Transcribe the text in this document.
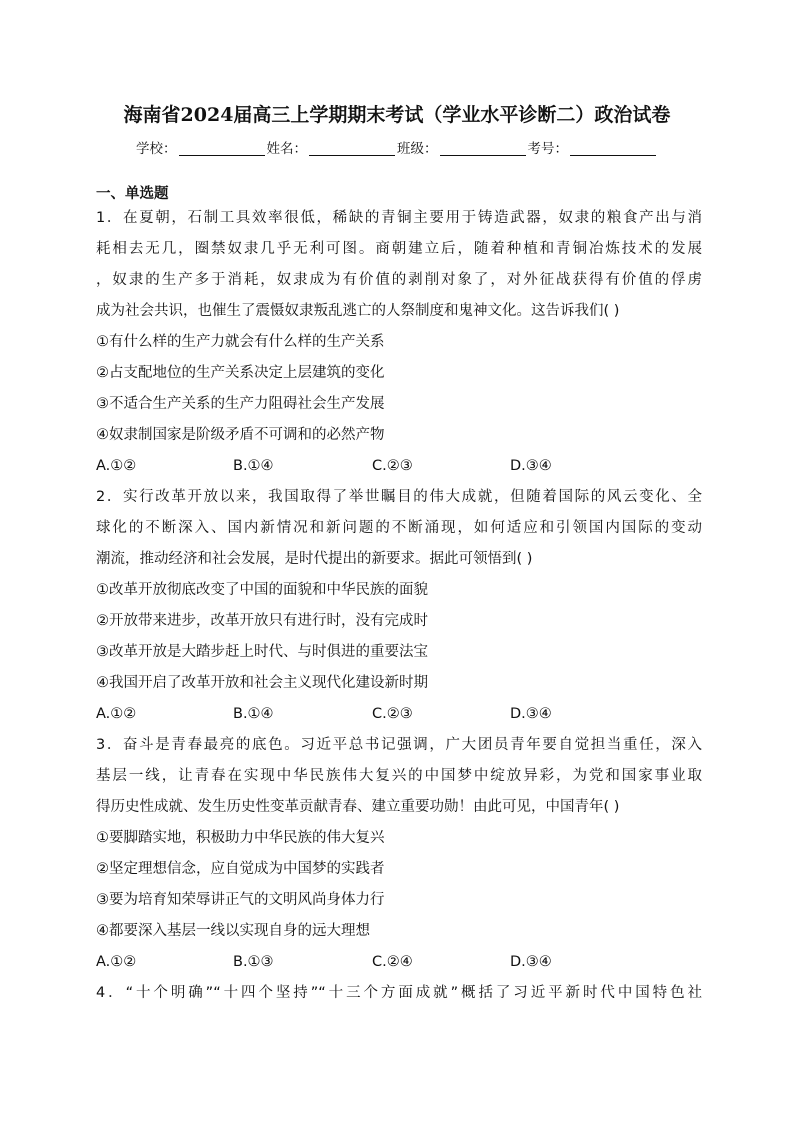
海南省2024届高三上学期期末考试（学业水平诊断二）政治试卷
学校：	姓名：	班级：	考号：
一、单选题
1．在夏朝，石制工具效率很低，稀缺的青铜主要用于铸造武器，奴隶的粮食产出与消
耗相去无几，圈禁奴隶几乎无利可图。商朝建立后，随着种植和青铜冶炼技术的发展
，奴隶的生产多于消耗，奴隶成为有价值的剥削对象了，对外征战获得有价值的俘虏
成为社会共识，也催生了震慑奴隶叛乱逃亡的人祭制度和鬼神文化。这告诉我们( )
①有什么样的生产力就会有什么样的生产关系
②占支配地位的生产关系决定上层建筑的变化
③不适合生产关系的生产力阻碍社会生产发展
④奴隶制国家是阶级矛盾不可调和的必然产物
A.①②	B.①④	C.②③	D.③④
2．实行改革开放以来，我国取得了举世瞩目的伟大成就，但随着国际的风云变化、全
球化的不断深入、国内新情况和新问题的不断涌现，如何适应和引领国内国际的变动
潮流，推动经济和社会发展，是时代提出的新要求。据此可领悟到( )
①改革开放彻底改变了中国的面貌和中华民族的面貌
②开放带来进步，改革开放只有进行时，没有完成时
③改革开放是大踏步赶上时代、与时俱进的重要法宝
④我国开启了改革开放和社会主义现代化建设新时期
A.①②	B.①④	C.②③	D.③④
3．奋斗是青春最亮的底色。习近平总书记强调，广大团员青年要自觉担当重任，深入
基层一线，让青春在实现中华民族伟大复兴的中国梦中绽放异彩，为党和国家事业取
得历史性成就、发生历史性变革贡献青春、建立重要功勋！由此可见，中国青年( )
①要脚踏实地，积极助力中华民族的伟大复兴
②坚定理想信念，应自觉成为中国梦的实践者
③要为培育知荣辱讲正气的文明风尚身体力行
④都要深入基层一线以实现自身的远大理想
A.①②	B.①③	C.②④	D.③④
4．“十个明确”“十四个坚持”“十三个方面成就”概括了习近平新时代中国特色社
